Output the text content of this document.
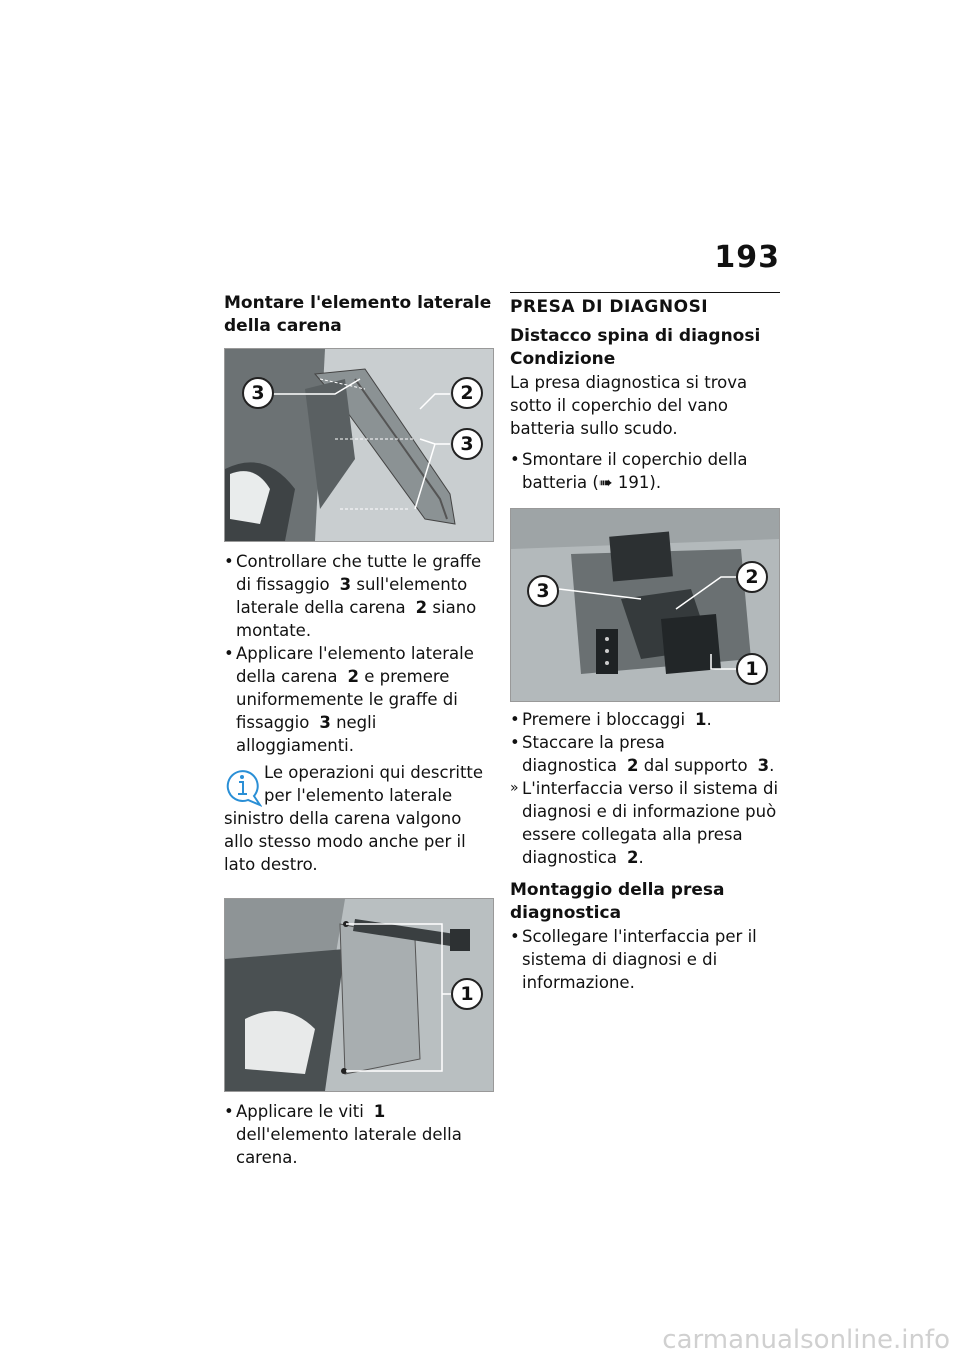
193
Montare l'elemento laterale della carena
3	2
3
• Controllare che tutte le graffe di fissaggio 3 sull'elemento laterale della carena 2 siano montate.
• Applicare l'elemento laterale della carena 2 e premere uniformemente le graffe di fissaggio 3 negli alloggiamenti.
Le operazioni qui descritte per l'elemento laterale sinistro della carena valgono allo stesso modo anche per il lato destro.
1
• Applicare le viti 1 dell'elemento laterale della carena.
PRESA DI DIAGNOSI
Distacco spina di diagnosi
Condizione

La presa diagnostica si trova sotto il coperchio del vano batteria sullo scudo.

• Smontare il coperchio della batteria (➠ 191).
3
2
1
• Premere i bloccaggi 1.
• Staccare la presa diagnostica 2 dal supporto 3.
» L'interfaccia verso il sistema di diagnosi e di informazione può essere collegata alla presa diagnostica 2.
Montaggio della presa diagnostica
• Scollegare l'interfaccia per il sistema di diagnosi e di informazione.
carmanualsonline.info
